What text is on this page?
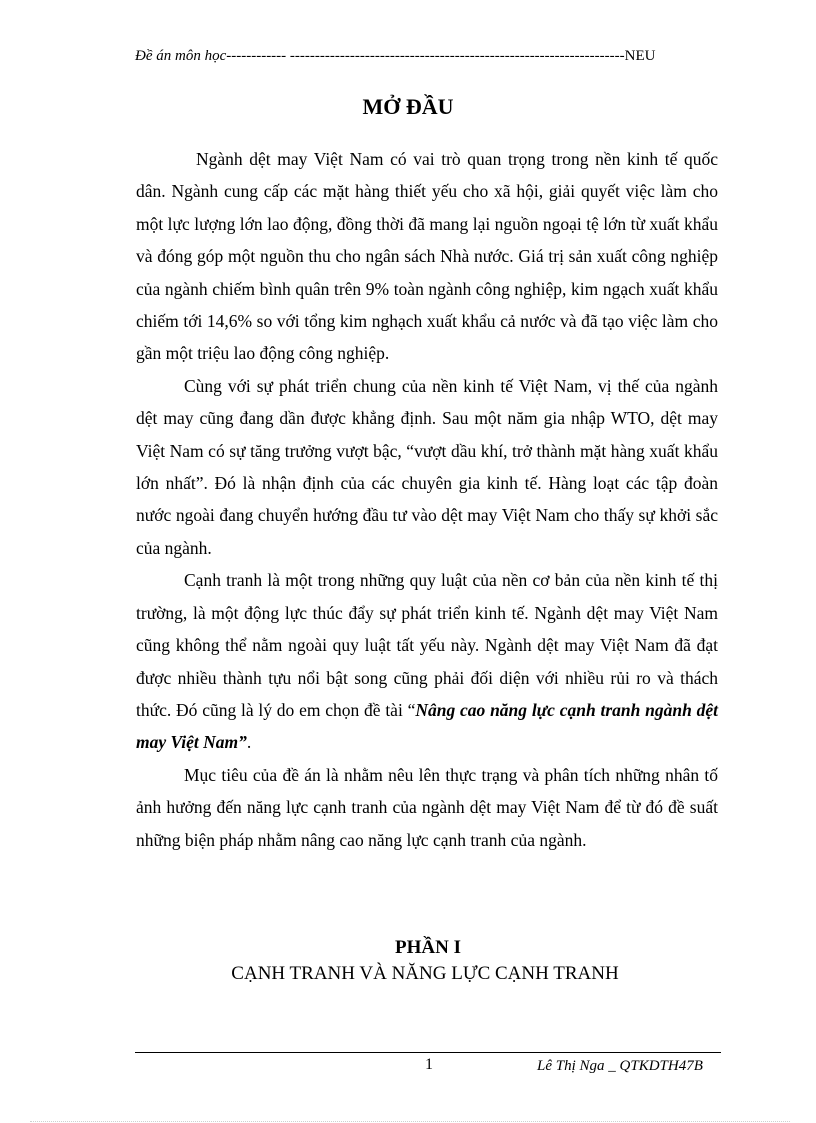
Đề án môn học------------ -------------------------------------------------------------------NEU
MỞ ĐẦU

Ngành dệt may Việt Nam có vai trò quan trọng trong nền kinh tế quốc dân. Ngành cung cấp các mặt hàng thiết yếu cho xã hội, giải quyết việc làm cho một lực lượng lớn lao động, đồng thời đã mang lại nguồn ngoại tệ lớn từ xuất khẩu và đóng góp một nguồn thu cho ngân sách Nhà nước. Giá trị sản xuất công nghiệp của ngành chiếm bình quân trên 9% toàn ngành công nghiệp, kim ngạch xuất khẩu chiếm tới 14,6% so với tổng kim nghạch xuất khẩu cả nước và đã tạo việc làm cho gần một triệu lao động công nghiệp.

Cùng với sự phát triển chung của nền kinh tế Việt Nam, vị thế của ngành dệt may cũng đang dần được khẳng định. Sau một năm gia nhập WTO, dệt may Việt Nam có sự tăng trưởng vượt bậc, “vượt dầu khí, trở thành mặt hàng xuất khẩu lớn nhất”. Đó là nhận định của các chuyên gia kinh tế. Hàng loạt các tập đoàn nước ngoài đang chuyển hướng đầu tư vào dệt may Việt Nam cho thấy sự khởi sắc của ngành.

Cạnh tranh là một trong những quy luật của nền cơ bản của nền kinh tế thị trường, là một động lực thúc đẩy sự phát triển kinh tế. Ngành dệt may Việt Nam cũng không thể nằm ngoài quy luật tất yếu này. Ngành dệt may Việt Nam đã đạt được nhiều thành tựu nổi bật song cũng phải đối diện với nhiều rủi ro và thách thức. Đó cũng là lý do em chọn đề tài “Nâng cao năng lực cạnh tranh ngành dệt may Việt Nam”.

Mục tiêu của đề án là nhằm nêu lên thực trạng và phân tích những nhân tố ảnh hưởng đến năng lực cạnh tranh của ngành dệt may Việt Nam để từ đó đề suất những biện pháp nhằm nâng cao năng lực cạnh tranh của ngành.

PHẦN I
CẠNH TRANH VÀ NĂNG LỰC CẠNH TRANH
1	Lê Thị Nga _ QTKDTH47B
